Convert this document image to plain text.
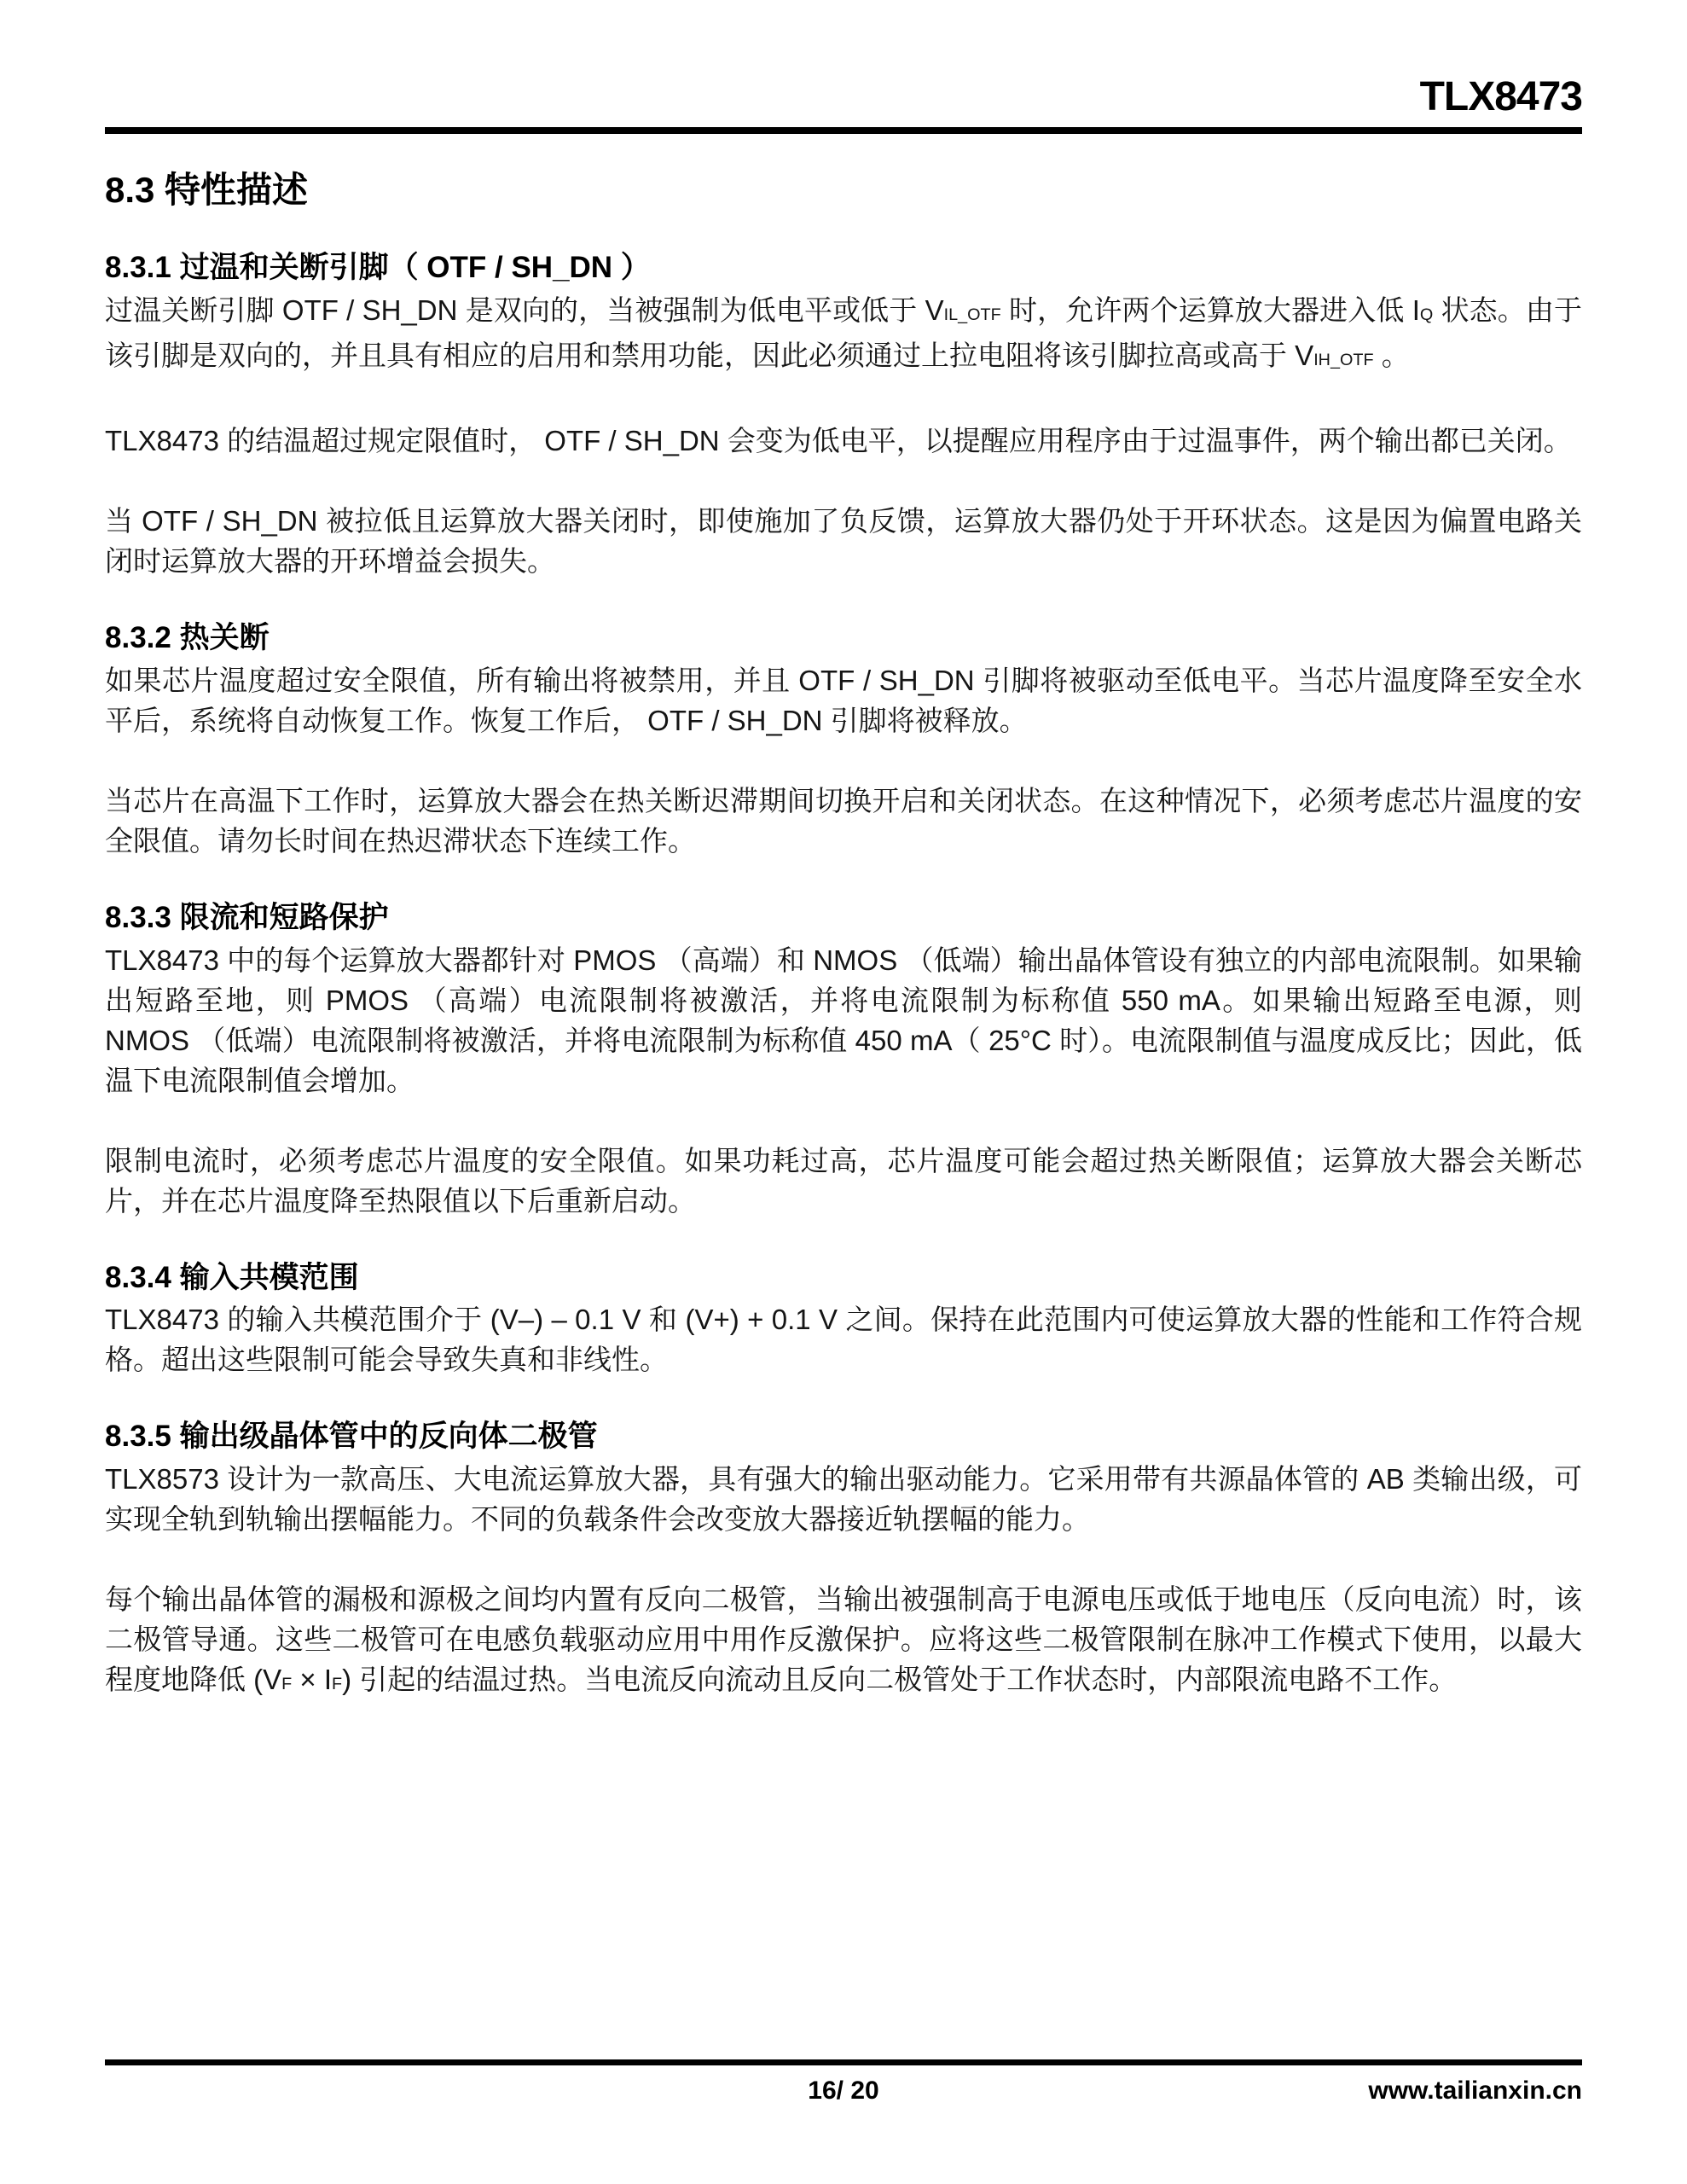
TLX8473
8.3 特性描述
8.3.1 过温和关断引脚（ OTF / SH_DN ）

过温关断引脚 OTF / SH_DN 是双向的，当被强制为低电平或低于 VIL_OTF 时，允许两个运算放大器进入低 IQ 状态。由于该引脚是双向的，并且具有相应的启用和禁用功能，因此必须通过上拉电阻将该引脚拉高或高于 VIH_OTF 。

TLX8473 的结温超过规定限值时， OTF / SH_DN 会变为低电平，以提醒应用程序由于过温事件，两个输出都已关闭。

当 OTF / SH_DN 被拉低且运算放大器关闭时，即使施加了负反馈，运算放大器仍处于开环状态。这是因为偏置电路关闭时运算放大器的开环增益会损失。

8.3.2 热关断

如果芯片温度超过安全限值，所有输出将被禁用，并且 OTF / SH_DN 引脚将被驱动至低电平。当芯片温度降至安全水平后，系统将自动恢复工作。恢复工作后， OTF / SH_DN 引脚将被释放。

当芯片在高温下工作时，运算放大器会在热关断迟滞期间切换开启和关闭状态。在这种情况下，必须考虑芯片温度的安全限值。请勿长时间在热迟滞状态下连续工作。

8.3.3 限流和短路保护

TLX8473 中的每个运算放大器都针对 PMOS （高端）和 NMOS （低端）输出晶体管设有独立的内部电流限制。如果输出短路至地，则 PMOS （高端）电流限制将被激活，并将电流限制为标称值 550 mA。如果输出短路至电源，则 NMOS （低端）电流限制将被激活，并将电流限制为标称值 450 mA（ 25°C 时）。电流限制值与温度成反比；因此，低温下电流限制值会增加。

限制电流时，必须考虑芯片温度的安全限值。如果功耗过高，芯片温度可能会超过热关断限值；运算放大器会关断芯片，并在芯片温度降至热限值以下后重新启动。

8.3.4 输入共模范围

TLX8473 的输入共模范围介于 (V–) – 0.1 V 和 (V+) + 0.1 V 之间。保持在此范围内可使运算放大器的性能和工作符合规格。超出这些限制可能会导致失真和非线性。

8.3.5 输出级晶体管中的反向体二极管

TLX8573 设计为一款高压、大电流运算放大器，具有强大的输出驱动能力。它采用带有共源晶体管的 AB 类输出级，可实现全轨到轨输出摆幅能力。不同的负载条件会改变放大器接近轨摆幅的能力。

每个输出晶体管的漏极和源极之间均内置有反向二极管，当输出被强制高于电源电压或低于地电压（反向电流）时，该二极管导通。这些二极管可在电感负载驱动应用中用作反激保护。应将这些二极管限制在脉冲工作模式下使用，以最大程度地降低 (VF × IF) 引起的结温过热。当电流反向流动且反向二极管处于工作状态时，内部限流电路不工作。

16/ 20	www.tailianxin.cn
